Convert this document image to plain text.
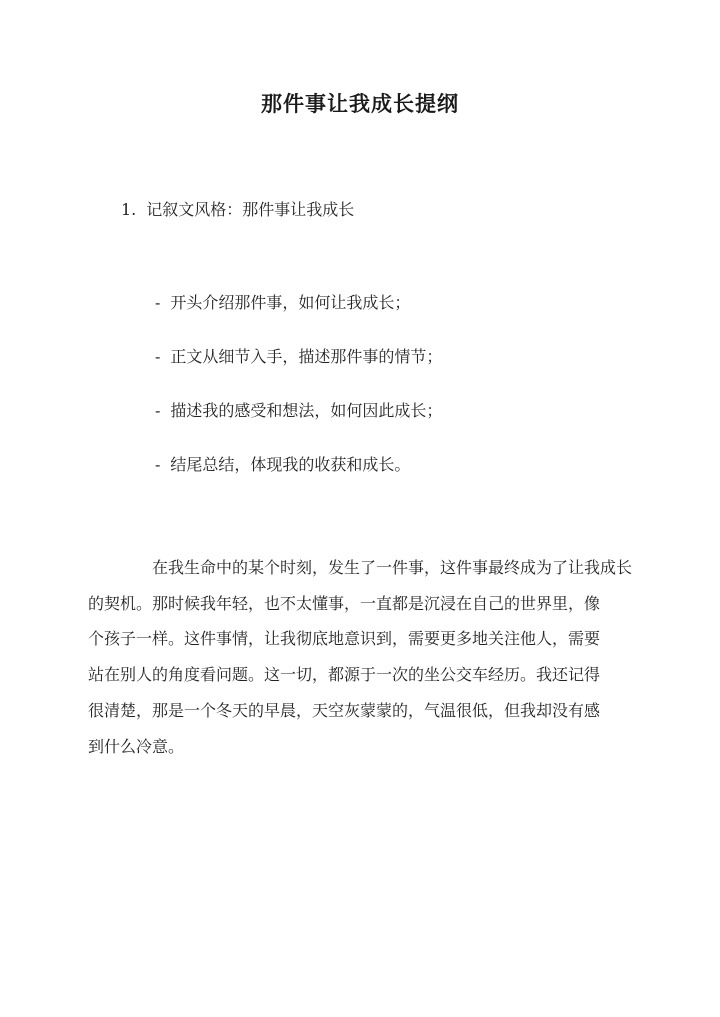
那件事让我成长提纲
1. 记叙文风格：那件事让我成长
- 开头介绍那件事，如何让我成长；
- 正文从细节入手，描述那件事的情节；
- 描述我的感受和想法，如何因此成长；
- 结尾总结，体现我的收获和成长。
在我生命中的某个时刻，发生了一件事，这件事最终成为了让我成长
的契机。那时候我年轻，也不太懂事，一直都是沉浸在自己的世界里，像
个孩子一样。这件事情，让我彻底地意识到，需要更多地关注他人，需要
站在别人的角度看问题。这一切，都源于一次的坐公交车经历。我还记得
很清楚，那是一个冬天的早晨，天空灰蒙蒙的，气温很低，但我却没有感
到什么冷意。
